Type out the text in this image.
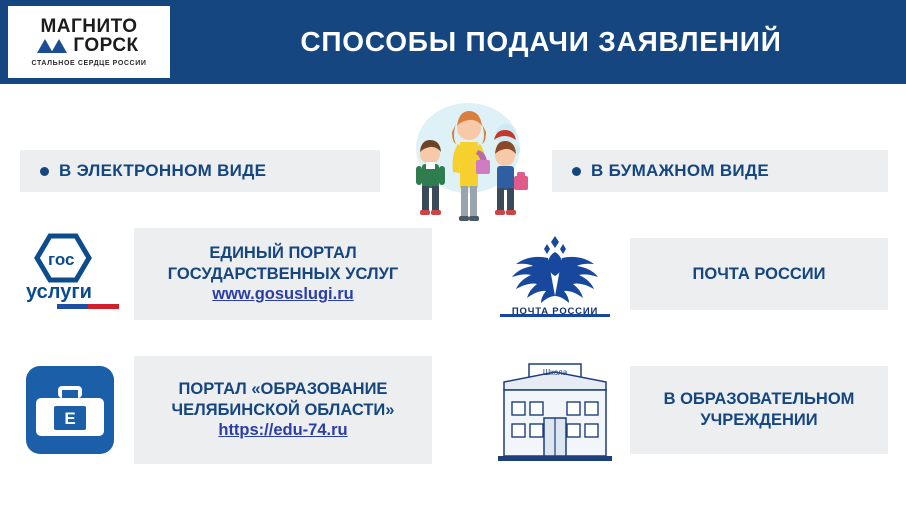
МАГНИТО
ГОРСК
СТАЛЬНОЕ СЕРДЦЕ РОССИИ
СПОСОБЫ ПОДАЧИ ЗАЯВЛЕНИЙ
В ЭЛЕКТРОННОМ ВИДЕ	В БУМАЖНОМ ВИДЕ
гос
услуги
ЕДИНЫЙ ПОРТАЛ
ГОСУДАРСТВЕННЫХ УСЛУГ
www.gosuslugi.ru
ПОЧТА РОССИИ
ПОЧТА РОССИИ
E
ПОРТАЛ «ОБРАЗОВАНИЕ
ЧЕЛЯБИНСКОЙ ОБЛАСТИ»
https://edu-74.ru
Школа
В ОБРАЗОВАТЕЛЬНОМ
УЧРЕЖДЕНИИ
